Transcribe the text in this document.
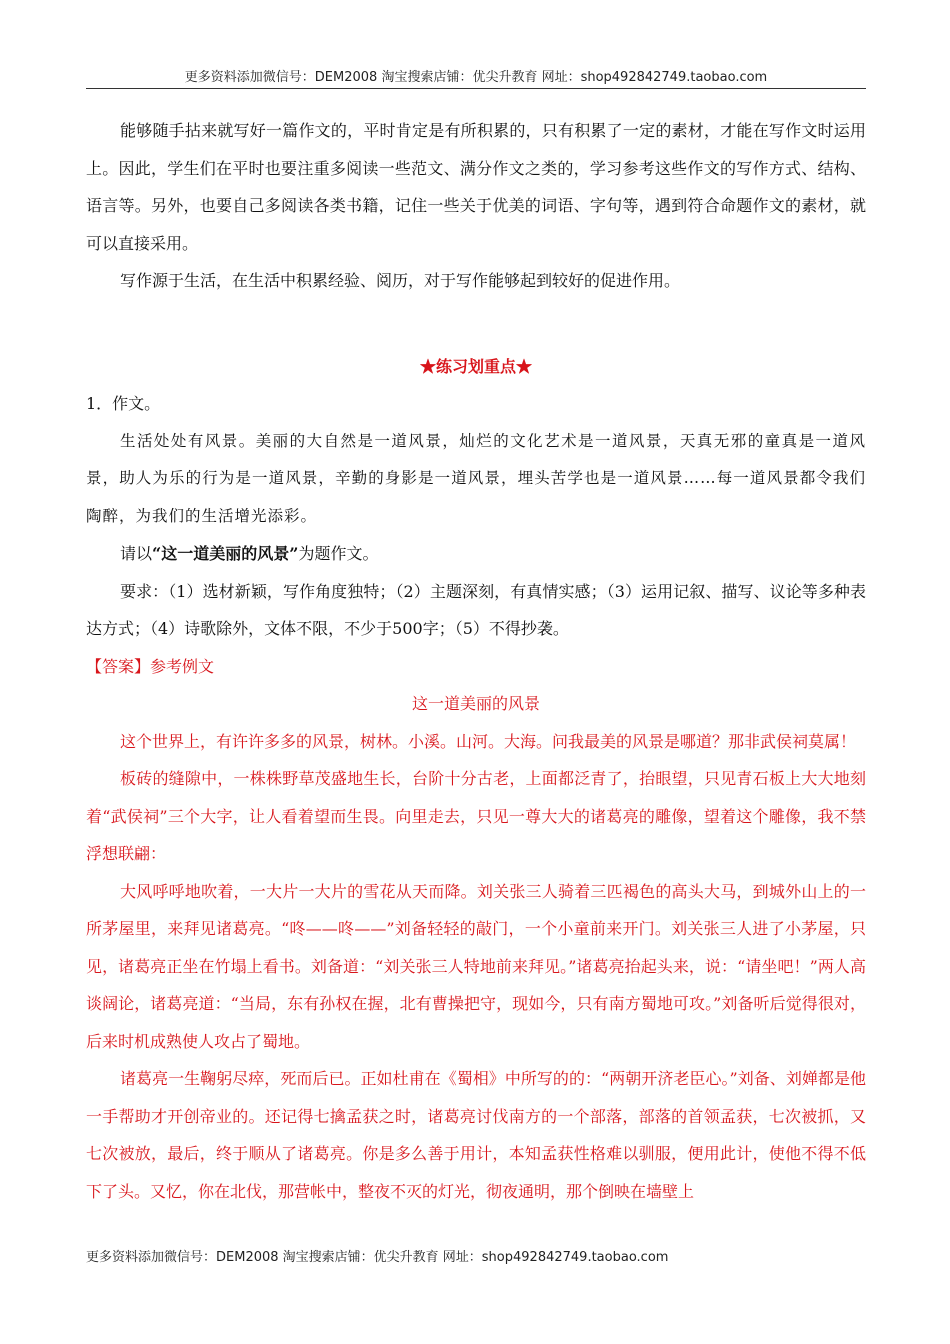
更多资料添加微信号：DEM2008 淘宝搜索店铺：优尖升教育 网址：shop492842749.taobao.com

能够随手拈来就写好一篇作文的，平时肯定是有所积累的，只有积累了一定的素材，才能在写作文时运用上。因此，学生们在平时也要注重多阅读一些范文、满分作文之类的，学习参考这些作文的写作方式、结构、语言等。另外，也要自己多阅读各类书籍，记住一些关于优美的词语、字句等，遇到符合命题作文的素材，就可以直接采用。

写作源于生活，在生活中积累经验、阅历，对于写作能够起到较好的促进作用。

★练习划重点★

1．作文。

生活处处有风景。美丽的大自然是一道风景，灿烂的文化艺术是一道风景，天真无邪的童真是一道风景，助人为乐的行为是一道风景，辛勤的身影是一道风景，埋头苦学也是一道风景……每一道风景都令我们陶醉，为我们的生活增光添彩。

请以“这一道美丽的风景”为题作文。

要求：（1）选材新颖，写作角度独特；（2）主题深刻，有真情实感；（3）运用记叙、描写、议论等多种表达方式；（4）诗歌除外，文体不限，不少于500字；（5）不得抄袭。

【答案】参考例文

这一道美丽的风景

这个世界上，有许许多多的风景，树林。小溪。山河。大海。问我最美的风景是哪道？那非武侯祠莫属！

板砖的缝隙中，一株株野草茂盛地生长，台阶十分古老，上面都泛青了，抬眼望，只见青石板上大大地刻着“武侯祠”三个大字，让人看着望而生畏。向里走去，只见一尊大大的诸葛亮的雕像，望着这个雕像，我不禁浮想联翩：

大风呼呼地吹着，一大片一大片的雪花从天而降。刘关张三人骑着三匹褐色的高头大马，到城外山上的一所茅屋里，来拜见诸葛亮。“咚——咚——”刘备轻轻的敲门，一个小童前来开门。刘关张三人进了小茅屋，只见，诸葛亮正坐在竹塌上看书。刘备道：“刘关张三人特地前来拜见。”诸葛亮抬起头来，说：“请坐吧！”两人高谈阔论，诸葛亮道：“当局，东有孙权在握，北有曹操把守，现如今，只有南方蜀地可攻。”刘备听后觉得很对，后来时机成熟使人攻占了蜀地。

诸葛亮一生鞠躬尽瘁，死而后已。正如杜甫在《蜀相》中所写的的：“两朝开济老臣心。”刘备、刘婵都是他一手帮助才开创帝业的。还记得七擒孟获之时，诸葛亮讨伐南方的一个部落，部落的首领孟获，七次被抓，又七次被放，最后，终于顺从了诸葛亮。你是多么善于用计，本知孟获性格难以驯服，便用此计，使他不得不低下了头。又忆，你在北伐，那营帐中，整夜不灭的灯光，彻夜通明，那个倒映在墙壁上

更多资料添加微信号：DEM2008 淘宝搜索店铺：优尖升教育 网址：shop492842749.taobao.com
